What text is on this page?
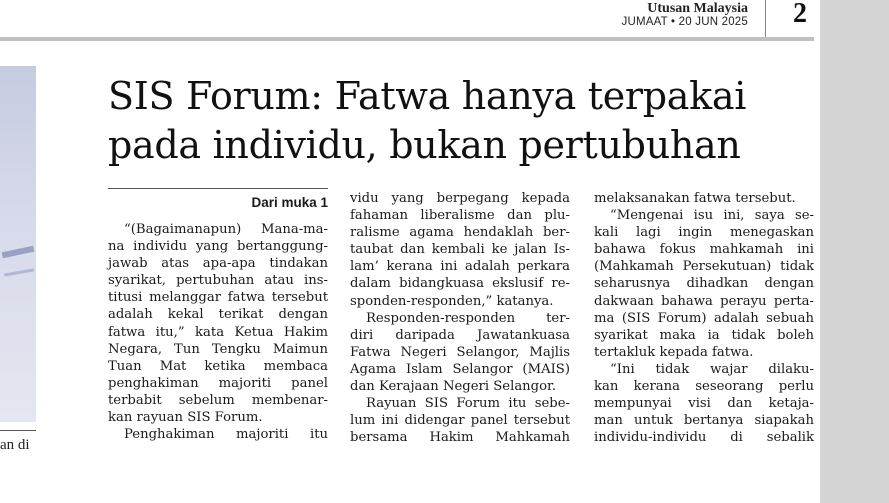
Utusan Malaysia
JUMAAT • 20 JUN 2025 2
an di
SIS Forum: Fatwa hanya terpakai
pada individu, bukan pertubuhan
Dari muka 1

“(Bagaimanapun) Mana-ma-

na individu yang bertanggung-

jawab atas apa-apa tindakan

syarikat, pertubuhan atau ins-

titusi melanggar fatwa tersebut

adalah kekal terikat dengan

fatwa itu,” kata Ketua Hakim

Negara, Tun Tengku Maimun

Tuan Mat ketika membaca

penghakiman majoriti panel

terbabit sebelum membenar-

kan rayuan SIS Forum.

Penghakiman majoriti itu

vidu yang berpegang kepada

fahaman liberalisme dan plu-

ralisme agama hendaklah ber-

taubat dan kembali ke jalan Is-

lam’ kerana ini adalah perkara

dalam bidangkuasa ekslusif re-

sponden-responden,” katanya.

Responden-responden ter-

diri daripada Jawatankuasa

Fatwa Negeri Selangor, Majlis

Agama Islam Selangor (MAIS)

dan Kerajaan Negeri Selangor.

Rayuan SIS Forum itu sebe-

lum ini didengar panel tersebut

bersama Hakim Mahkamah

melaksanakan fatwa tersebut.

“Mengenai isu ini, saya se-

kali lagi ingin menegaskan

bahawa fokus mahkamah ini

(Mahkamah Persekutuan) tidak

seharusnya dihadkan dengan

dakwaan bahawa perayu perta-

ma (SIS Forum) adalah sebuah

syarikat maka ia tidak boleh

tertakluk kepada fatwa.

“Ini tidak wajar dilaku-

kan kerana seseorang perlu

mempunyai visi dan ketaja-

man untuk bertanya siapakah

individu-individu di sebalik
